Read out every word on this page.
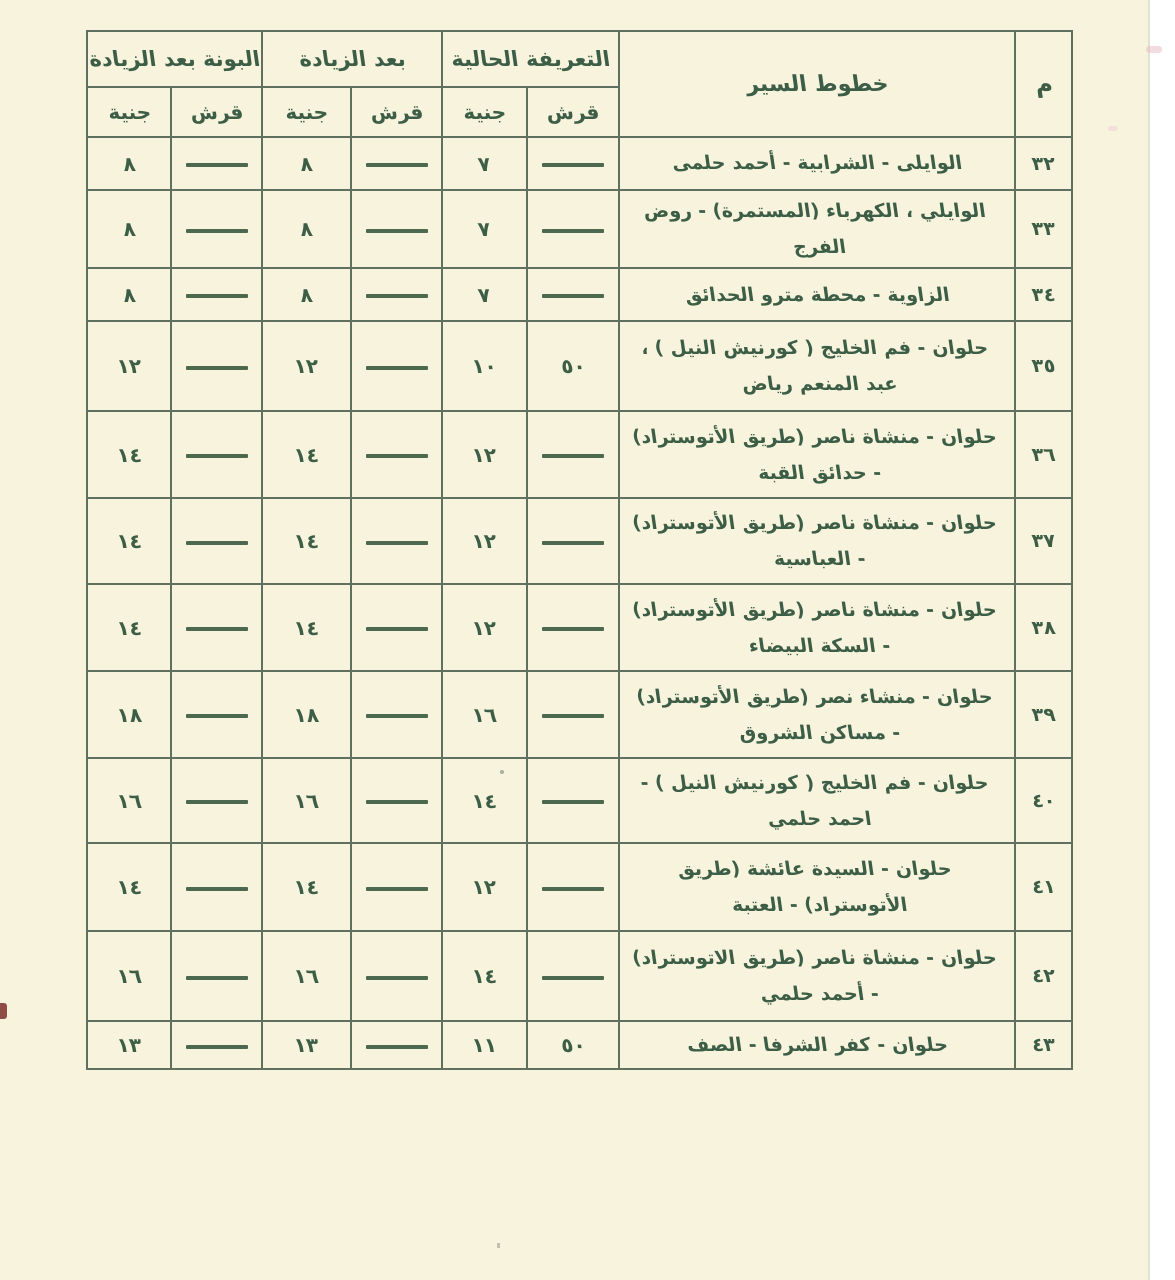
م	خطوط السير	التعريفة الحالية		بعد الزيادة		البونة بعد الزيادة	
		قرش	جنية	قرش	جنية	قرش	جنية
٣٢	الوايلى - الشرابية - أحمد حلمى		٧		٨		٨
٣٣	الوايلي ، الكهرباء (المستمرة) - روض الفرج		٧		٨		٨
٣٤	الزاوية - محطة مترو الحدائق		٧		٨		٨
٣٥	حلوان - فم الخليج ( كورنيش النيل ) ، عبد المنعم رياض	٥٠	١٠		١٢		١٢
٣٦	حلوان - منشاة ناصر (طريق الأتوستراد) - حدائق القبة		١٢		١٤		١٤
٣٧	حلوان - منشاة ناصر (طريق الأتوستراد) - العباسية		١٢		١٤		١٤
٣٨	حلوان - منشاة ناصر (طريق الأتوستراد) - السكة البيضاء		١٢		١٤		١٤
٣٩	حلوان - منشاء نصر (طريق الأتوستراد) - مساكن الشروق		١٦		١٨		١٨
٤٠	حلوان - فم الخليج ( كورنيش النيل ) - احمد حلمي		١٤		١٦		١٦
٤١	حلوان - السيدة عائشة (طريق الأتوستراد) - العتبة		١٢		١٤		١٤
٤٢	حلوان - منشاة ناصر (طريق الاتوستراد) - أحمد حلمي		١٤		١٦		١٦
٤٣	حلوان - كفر الشرفا - الصف	٥٠	١١		١٣		١٣
